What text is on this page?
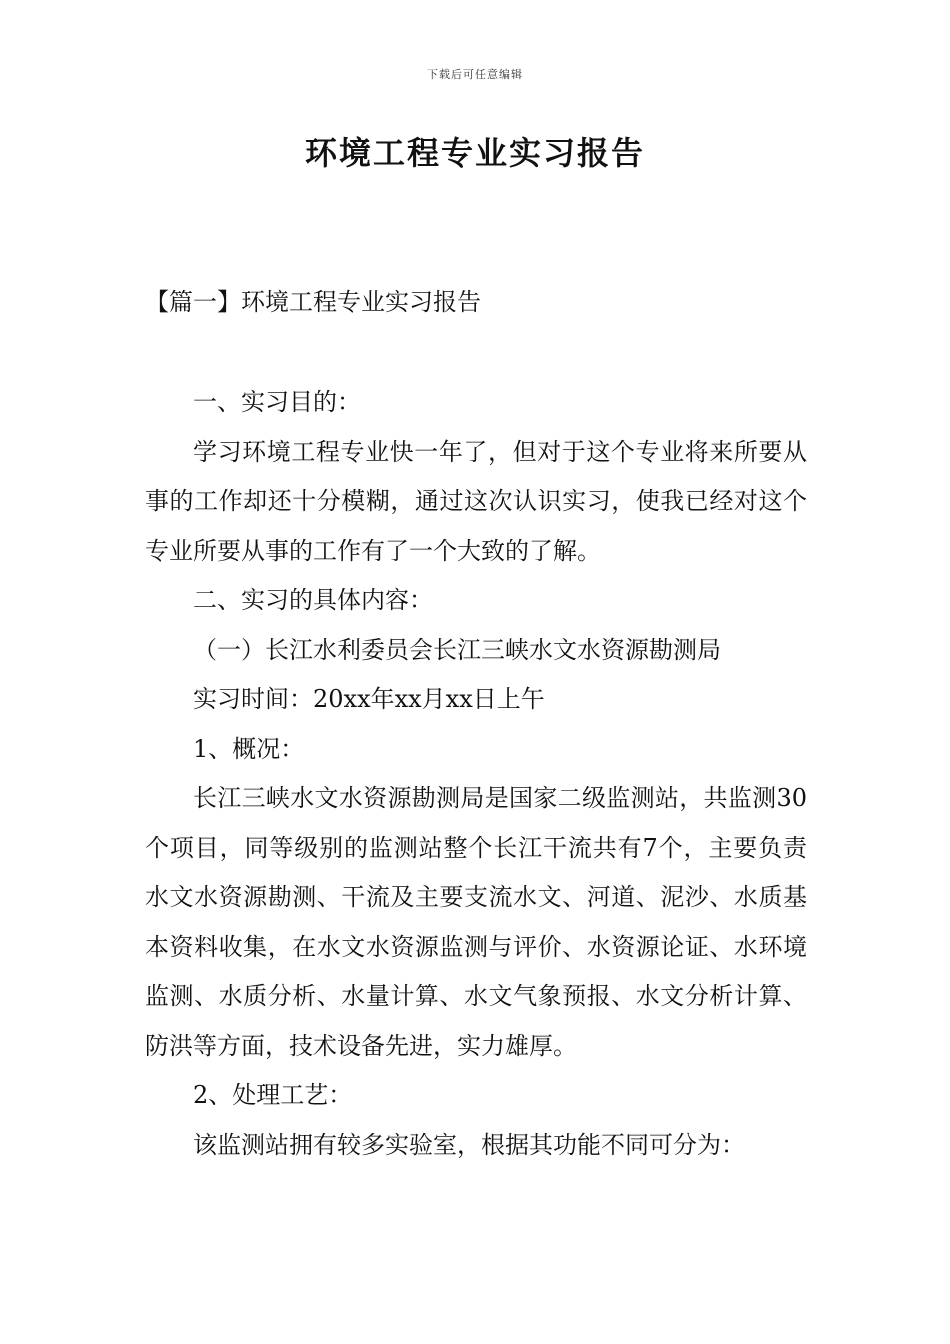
下载后可任意编辑
环境工程专业实习报告
【篇一】环境工程专业实习报告

一、实习目的：

学习环境工程专业快一年了，但对于这个专业将来所要从事的工作却还十分模糊，通过这次认识实习，使我已经对这个专业所要从事的工作有了一个大致的了解。

二、实习的具体内容：

（一）长江水利委员会长江三峡水文水资源勘测局

实习时间：20xx年xx月xx日上午

1、概况：

长江三峡水文水资源勘测局是国家二级监测站，共监测30个项目，同等级别的监测站整个长江干流共有7个，主要负责水文水资源勘测、干流及主要支流水文、河道、泥沙、水质基本资料收集，在水文水资源监测与评价、水资源论证、水环境监测、水质分析、水量计算、水文气象预报、水文分析计算、防洪等方面，技术设备先进，实力雄厚。

2、处理工艺：

该监测站拥有较多实验室，根据其功能不同可分为：
